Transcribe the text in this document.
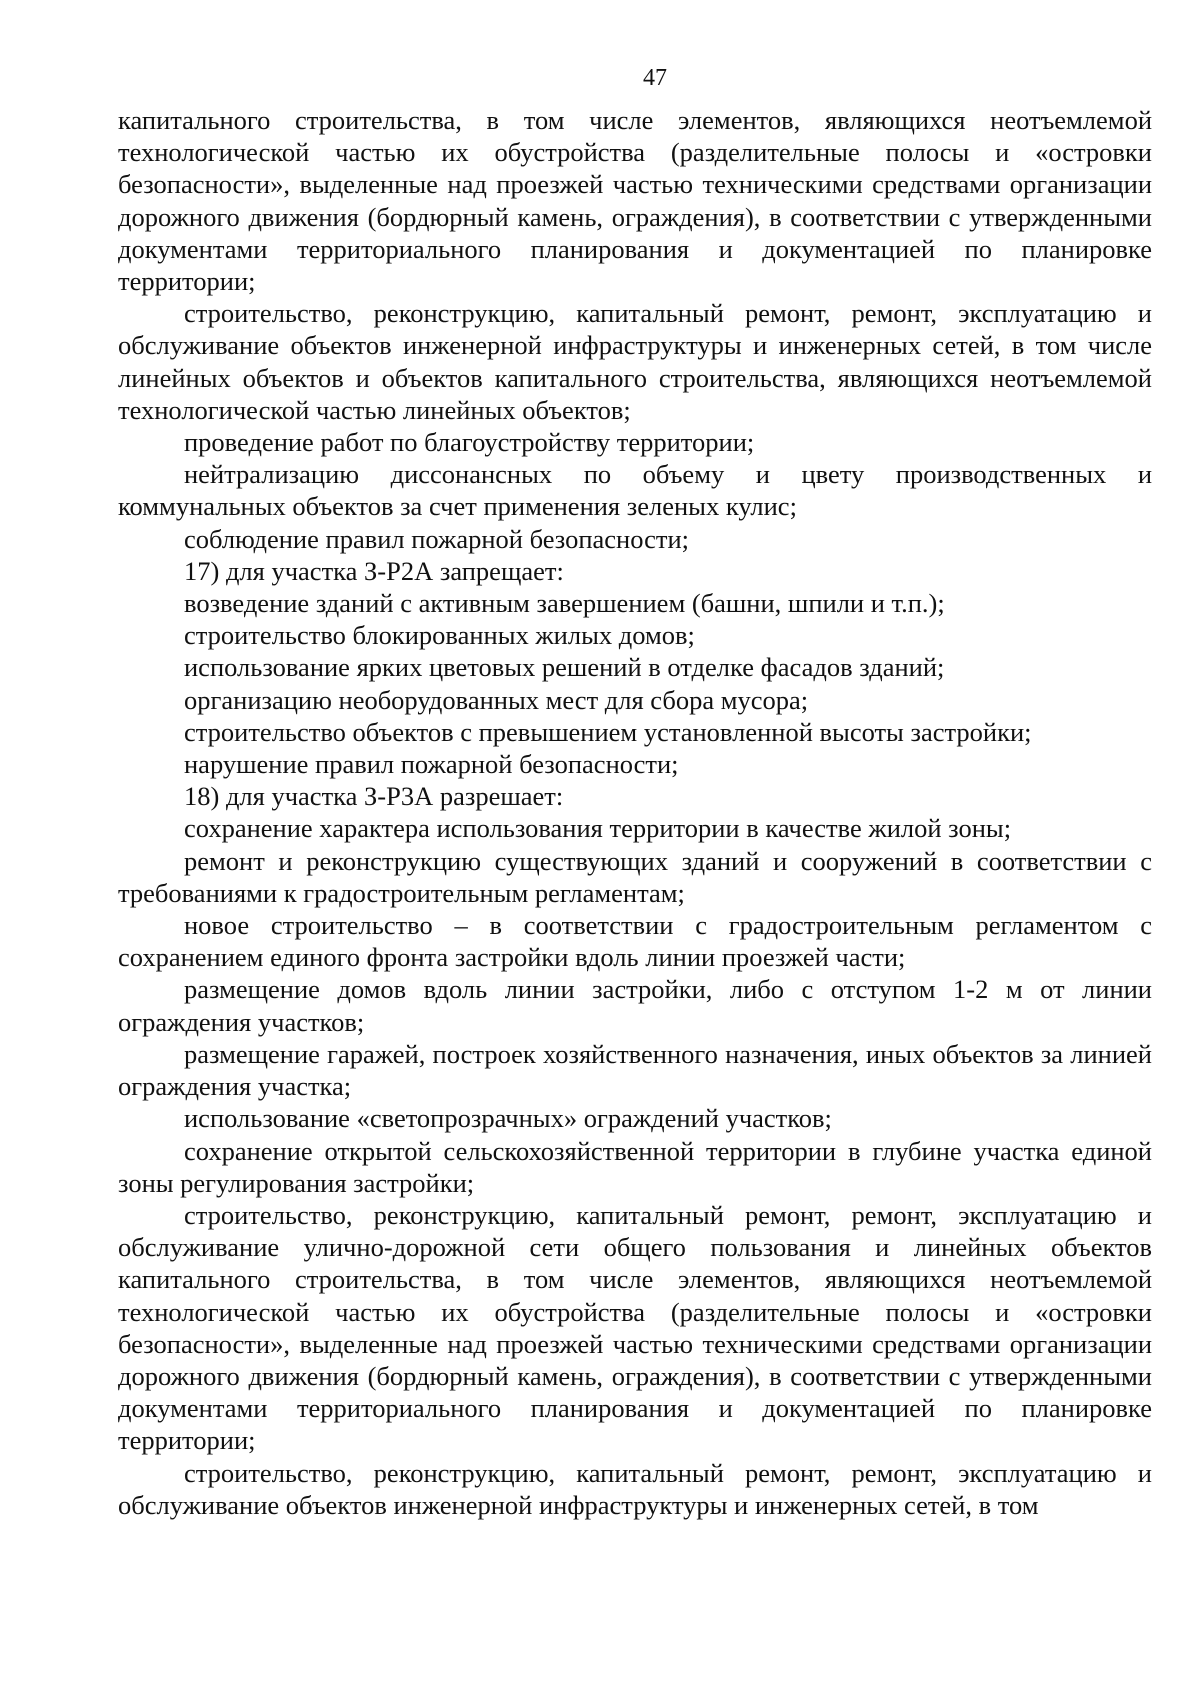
47

капитального строительства, в том числе элементов, являющихся неотъемлемой технологической частью их обустройства (разделительные полосы и «островки безопасности», выделенные над проезжей частью техническими средствами организации дорожного движения (бордюрный камень, ограждения), в соответствии с утвержденными документами территориального планирования и документацией по планировке территории;

строительство, реконструкцию, капитальный ремонт, ремонт, эксплуатацию и обслуживание объектов инженерной инфраструктуры и инженерных сетей, в том числе линейных объектов и объектов капитального строительства, являющихся неотъемлемой технологической частью линейных объектов;

проведение работ по благоустройству территории;

нейтрализацию диссонансных по объему и цвету производственных и коммунальных объектов за счет применения зеленых кулис;

соблюдение правил пожарной безопасности;

17) для участка З-Р2А запрещает:

возведение зданий с активным завершением (башни, шпили и т.п.);

строительство блокированных жилых домов;

использование ярких цветовых решений в отделке фасадов зданий;

организацию необорудованных мест для сбора мусора;

строительство объектов с превышением установленной высоты застройки;

нарушение правил пожарной безопасности;

18) для участка З-Р3А разрешает:

сохранение характера использования территории в качестве жилой зоны;

ремонт и реконструкцию существующих зданий и сооружений в соответствии с требованиями к градостроительным регламентам;

новое строительство – в соответствии с градостроительным регламентом с сохранением единого фронта застройки вдоль линии проезжей части;

размещение домов вдоль линии застройки, либо с отступом 1-2 м от линии ограждения участков;

размещение гаражей, построек хозяйственного назначения, иных объектов за линией ограждения участка;

использование «светопрозрачных» ограждений участков;

сохранение открытой сельскохозяйственной территории в глубине участка единой зоны регулирования застройки;

строительство, реконструкцию, капитальный ремонт, ремонт, эксплуатацию и обслуживание улично-дорожной сети общего пользования и линейных объектов капитального строительства, в том числе элементов, являющихся неотъемлемой технологической частью их обустройства (разделительные полосы и «островки безопасности», выделенные над проезжей частью техническими средствами организации дорожного движения (бордюрный камень, ограждения), в соответствии с утвержденными документами территориального планирования и документацией по планировке территории;

строительство, реконструкцию, капитальный ремонт, ремонт, эксплуатацию и обслуживание объектов инженерной инфраструктуры и инженерных сетей, в том
